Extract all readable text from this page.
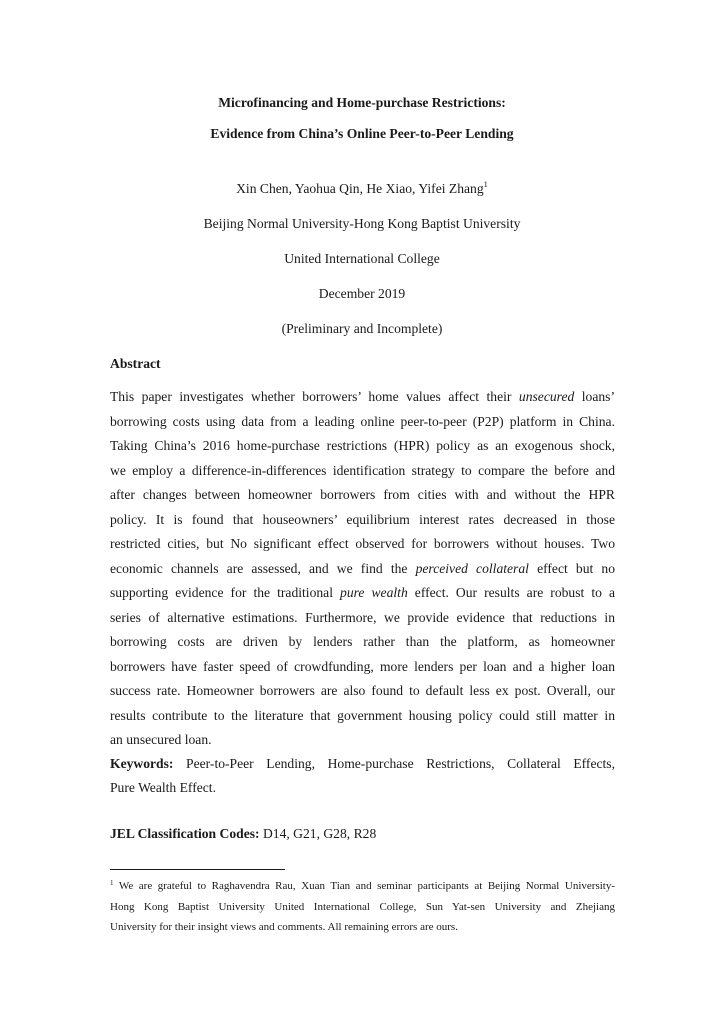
Microfinancing and Home-purchase Restrictions:
Evidence from China’s Online Peer-to-Peer Lending
Xin Chen, Yaohua Qin, He Xiao, Yifei Zhang$^1$
Beijing Normal University-Hong Kong Baptist University
United International College
December 2019
(Preliminary and Incomplete)
Abstract
This paper investigates whether borrowers’ home values affect their unsecured loans’
borrowing costs using data from a leading online peer-to-peer (P2P) platform in China.
Taking China’s 2016 home-purchase restrictions (HPR) policy as an exogenous shock,
we employ a difference-in-differences identification strategy to compare the before and
after changes between homeowner borrowers from cities with and without the HPR
policy. It is found that houseowners’ equilibrium interest rates decreased in those
restricted cities, but No significant effect observed for borrowers without houses. Two
economic channels are assessed, and we find the perceived collateral effect but no
supporting evidence for the traditional pure wealth effect. Our results are robust to a
series of alternative estimations. Furthermore, we provide evidence that reductions in
borrowing costs are driven by lenders rather than the platform, as homeowner
borrowers have faster speed of crowdfunding, more lenders per loan and a higher loan
success rate. Homeowner borrowers are also found to default less ex post. Overall, our
results contribute to the literature that government housing policy could still matter in
an unsecured loan.
Keywords: Peer-to-Peer Lending, Home-purchase Restrictions, Collateral Effects,
Pure Wealth Effect.
JEL Classification Codes: D14, G21, G28, R28
$^1$ We are grateful to Raghavendra Rau, Xuan Tian and seminar participants at Beijing Normal University-
Hong Kong Baptist University United International College, Sun Yat-sen University and Zhejiang
University for their insight views and comments. All remaining errors are ours.
